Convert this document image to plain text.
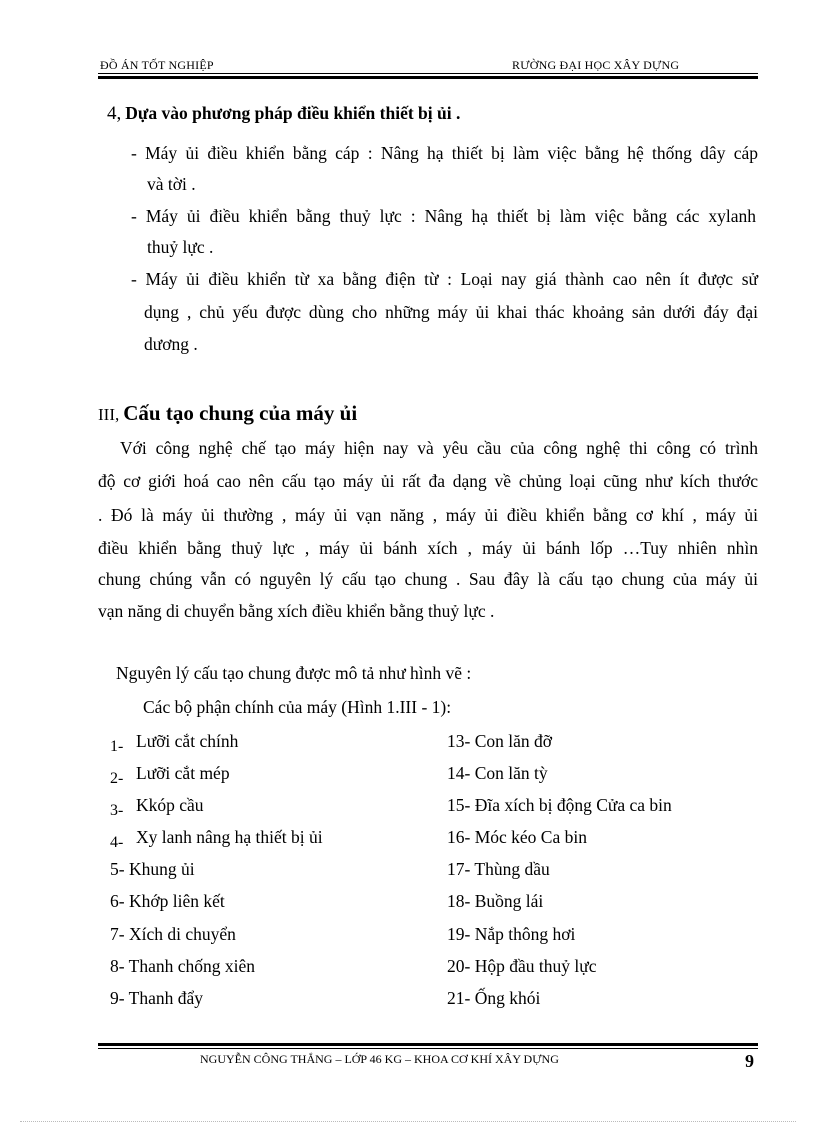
ĐỒ ÁN TỐT NGHIỆP	RƯỜNG ĐẠI HỌC XÂY DỰNG
4, Dựa vào phương pháp điều khiển thiết bị ủi .
- Máy ủi điều khiển bằng cáp : Nâng hạ thiết bị làm việc bằng hệ thống dây cáp
và tời .
- Máy ủi điều khiển bằng thuỷ lực : Nâng hạ thiết bị làm việc bằng các xylanh
thuỷ lực .
- Máy ủi điều khiển từ xa bằng điện từ : Loại nay giá thành cao nên ít được sử
dụng , chủ yếu được dùng cho những máy ủi khai thác khoảng sản dưới đáy đại
dương .
III, Cấu tạo chung của máy ủi
Với công nghệ chế tạo máy hiện nay và yêu cầu của công nghệ thi công có trình
độ cơ giới hoá cao nên cấu tạo máy ủi rất đa dạng về chủng loại cũng như kích thước
. Đó là máy ủi thường , máy ủi vạn năng , máy ủi điều khiển bằng cơ khí , máy ủi
điều khiển bằng thuỷ lực , máy ủi bánh xích , máy ủi bánh lốp …Tuy nhiên nhìn
chung chúng vẫn có nguyên lý cấu tạo chung . Sau đây là cấu tạo chung của máy ủi
vạn năng di chuyển bằng xích điều khiển bằng thuỷ lực .
Nguyên lý cấu tạo chung được mô tả như hình vẽ :
Các bộ phận chính của máy (Hình 1.III - 1):
1- Lưỡi cắt chính
2- Lưỡi cắt mép
3- Kkóp cầu
4- Xy lanh nâng hạ thiết bị ủi
5- Khung ủi
6- Khớp liên kết
7- Xích di chuyển
8- Thanh chống xiên
9- Thanh đẩy
13- Con lăn đỡ
14- Con lăn tỳ
15- Đĩa xích bị động Cửa ca bin
16- Móc kéo Ca bin
17- Thùng dầu
18- Buồng lái
19- Nắp thông hơi
20- Hộp đầu thuỷ lực
21- Ống khói
NGUYỄN CÔNG THẮNG – LỚP 46 KG – KHOA CƠ KHÍ XÂY DỰNG	9
